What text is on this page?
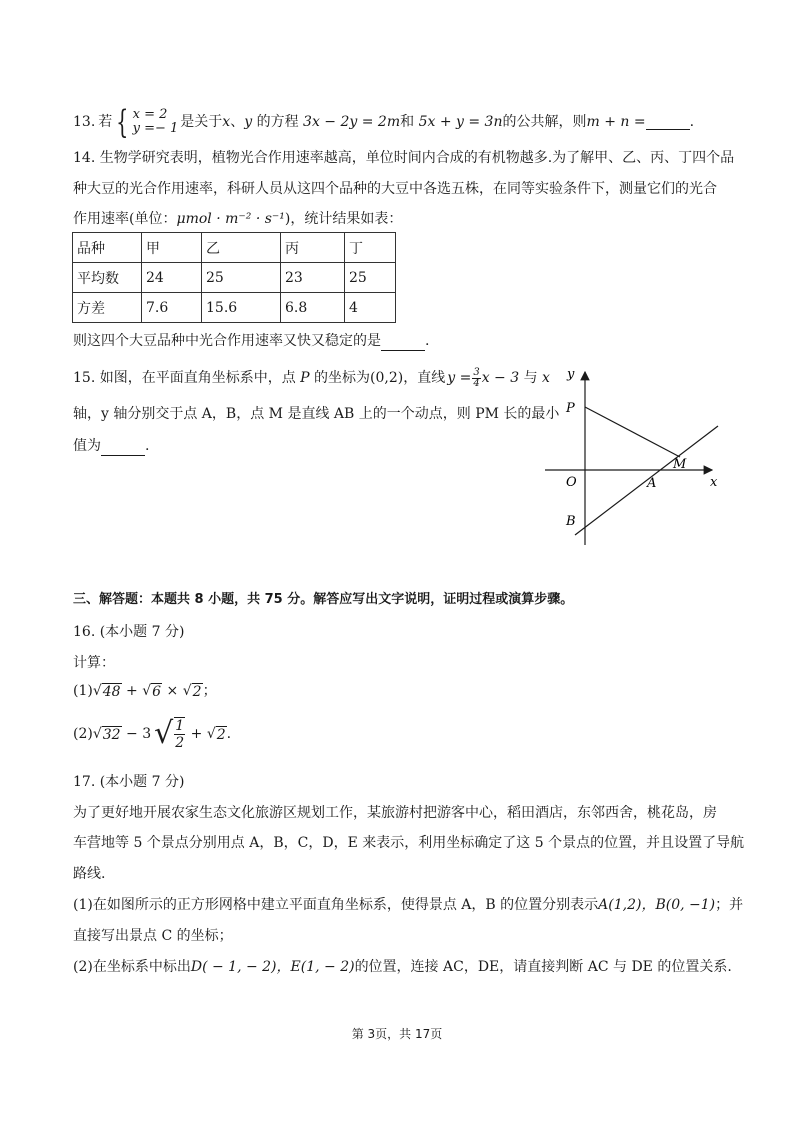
13. 若 { x = 2
y =− 1 是关于 x 、 y 的方程 3x − 2y = 2m 和 5x + y = 3n 的公共解，则 m + n =	.
14. 生物学研究表明，植物光合作用速率越高，单位时间内合成的有机物越多.为了解甲、乙、丙、丁四个品
种大豆的光合作用速率，科研人员从这四个品种的大豆中各选五株，在同等实验条件下，测量它们的光合
作用速率(单位：μmol · m⁻² · s⁻¹)，统计结果如表：
品种	甲	乙	丙	丁
平均数	24	25	23	25
方差	7.6	15.6	6.8	4
则这四个大豆品种中光合作用速率又快又稳定的是	.
15. 如图，在平面直角坐标系中，点 P 的坐标为(0,2)，直线 $y = \frac{3}{4}$ x − 3 与 x
轴，y 轴分别交于点 A，B，点 M 是直线 AB 上的一个动点，则 PM 长的最小
值为	.
y
x
O
P
A
B
M
三、解答题：本题共 8 小题，共 75 分。解答应写出文字说明，证明过程或演算步骤。
16. (本小题 7 分)
计算：
(1) √ 48 + √ 6 × √ 2 ；
(2) √ 32 − 3 √ $\frac{1}{2}$ + √ 2 .
17. (本小题 7 分)
为了更好地开展农家生态文化旅游区规划工作，某旅游村把游客中心，稻田酒店，东邻西舍，桃花岛，房
车营地等 5 个景点分别用点 A，B，C，D，E 来表示，利用坐标确定了这 5 个景点的位置，并且设置了导航
路线.
(1)在如图所示的正方形网格中建立平面直角坐标系，使得景点 A，B 的位置分别表示A(1,2)，B(0, −1)；并
直接写出景点 C 的坐标；
(2)在坐标系中标出D( − 1, − 2)，E(1, − 2)的位置，连接 AC，DE，请直接判断 AC 与 DE 的位置关系.
第 3页，共 17页
